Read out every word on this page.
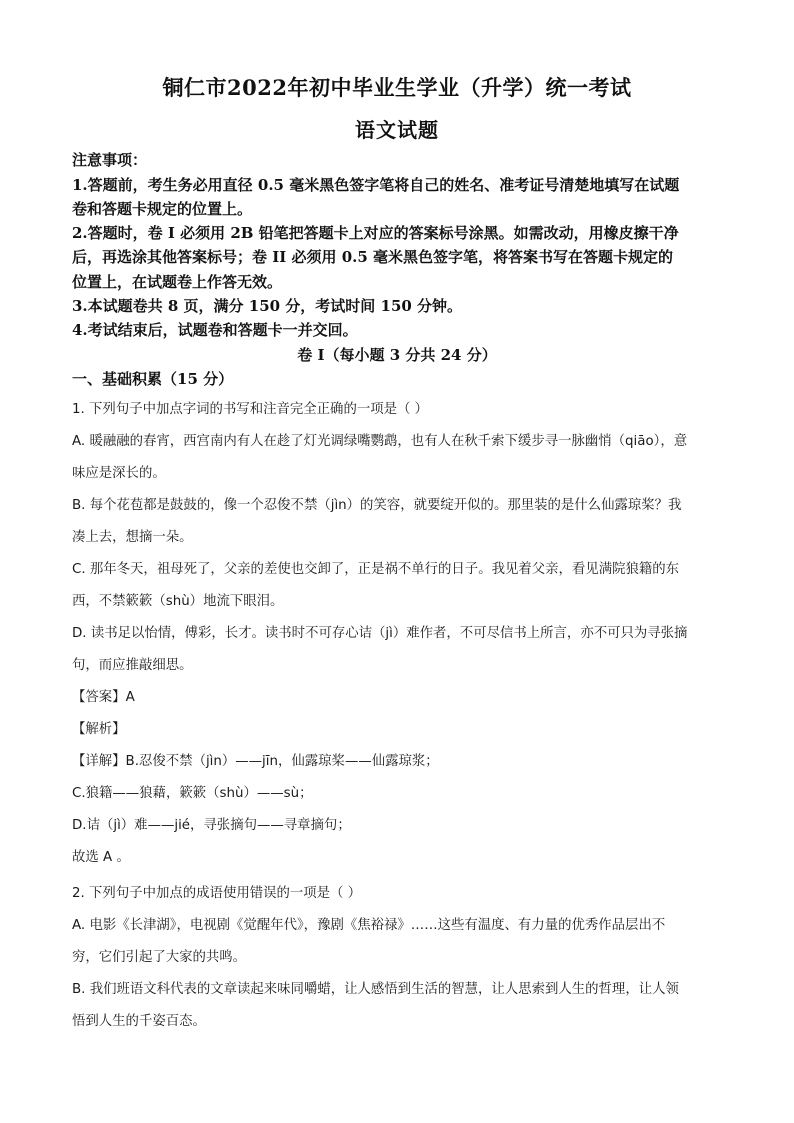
铜仁市2022年初中毕业生学业（升学）统一考试
语文试题
注意事项：
1.答题前，考生务必用直径 0.5 毫米黑色签字笔将自己的姓名、准考证号清楚地填写在试题
卷和答题卡规定的位置上。
2.答题时，卷 I 必须用 2B 铅笔把答题卡上对应的答案标号涂黑。如需改动，用橡皮擦干净
后，再选涂其他答案标号；卷 II 必须用 0.5 毫米黑色签字笔，将答案书写在答题卡规定的
位置上，在试题卷上作答无效。
3.本试题卷共 8 页，满分 150 分，考试时间 150 分钟。
4.考试结束后，试题卷和答题卡一并交回。
卷 I（每小题 3 分共 24 分）
一、基础积累（15 分）
1. 下列句子中加点字词的书写和注音完全正确的一项是（ ）
A. 暖融融的春宵，西宫南内有人在趁了灯光调绿嘴鹦鹉，也有人在秋千索下缓步寻一脉幽悄（qiāo），意
味应是深长的。
B. 每个花苞都是鼓鼓的，像一个忍俊不禁（jìn）的笑容，就要绽开似的。那里装的是什么仙露琼桨？我
凑上去，想摘一朵。
C. 那年冬天，祖母死了，父亲的差使也交卸了，正是祸不单行的日子。我见着父亲，看见满院狼籍的东
西，不禁簌簌（shù）地流下眼泪。
D. 读书足以怡情，傅彩，长才。读书时不可存心诘（jì）难作者，不可尽信书上所言，亦不可只为寻张摘
句，而应推敲细思。
【答案】A
【解析】
【详解】B.忍俊不禁（jìn）——jīn，仙露琼桨——仙露琼浆；
C.狼籍——狼藉，簌簌（shù）——sù；
D.诘（jì）难——jié，寻张摘句——寻章摘句；
故选 A 。
2. 下列句子中加点的成语使用错误的一项是（ ）
A. 电影《长津湖》，电视剧《觉醒年代》，豫剧《焦裕禄》……这些有温度、有力量的优秀作品层出不
穷，它们引起了大家的共鸣。
B. 我们班语文科代表的文章读起来味同嚼蜡，让人感悟到生活的智慧，让人思索到人生的哲理，让人领
悟到人生的千姿百态。
